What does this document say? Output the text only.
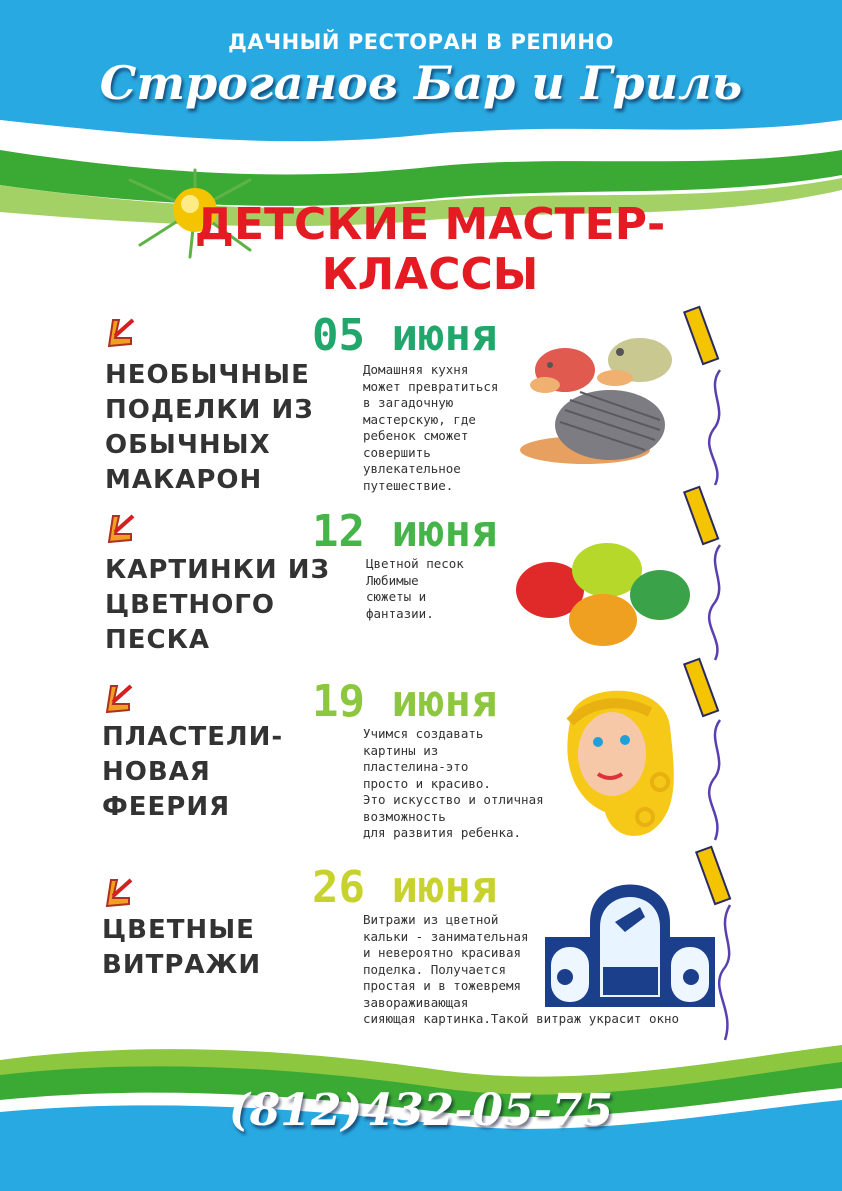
ДАЧНЫЙ РЕСТОРАН В РЕПИНО
Строганов Бар и Гриль
ДЕТСКИЕ МАСТЕР-КЛАССЫ
05 июня
НЕОБЫЧНЫЕ ПОДЕЛКИ ИЗ ОБЫЧНЫХ МАКАРОН
Домашняя кухня
может превратиться
в загадочную
мастерскую, где
ребенок сможет
совершить
увлекательное
путешествие.
12 июня
КАРТИНКИ ИЗ ЦВЕТНОГО ПЕСКА
Цветной песок
Любимые
сюжеты и
фантазии.
19 июня
ПЛАСТЕЛИ- НОВАЯ ФЕЕРИЯ
Учимся создавать
картины из
пластелина-это
просто и красиво.
Это искусство и отличная
возможность
для развития ребенка.
26 июня
ЦВЕТНЫЕ ВИТРАЖИ
Витражи из цветной
кальки - занимательная
и невероятно красивая
поделка. Получается
простая и в тожевремя
завораживающая
сияющая картинка.Такой витраж украсит окно
(812)432-05-75
